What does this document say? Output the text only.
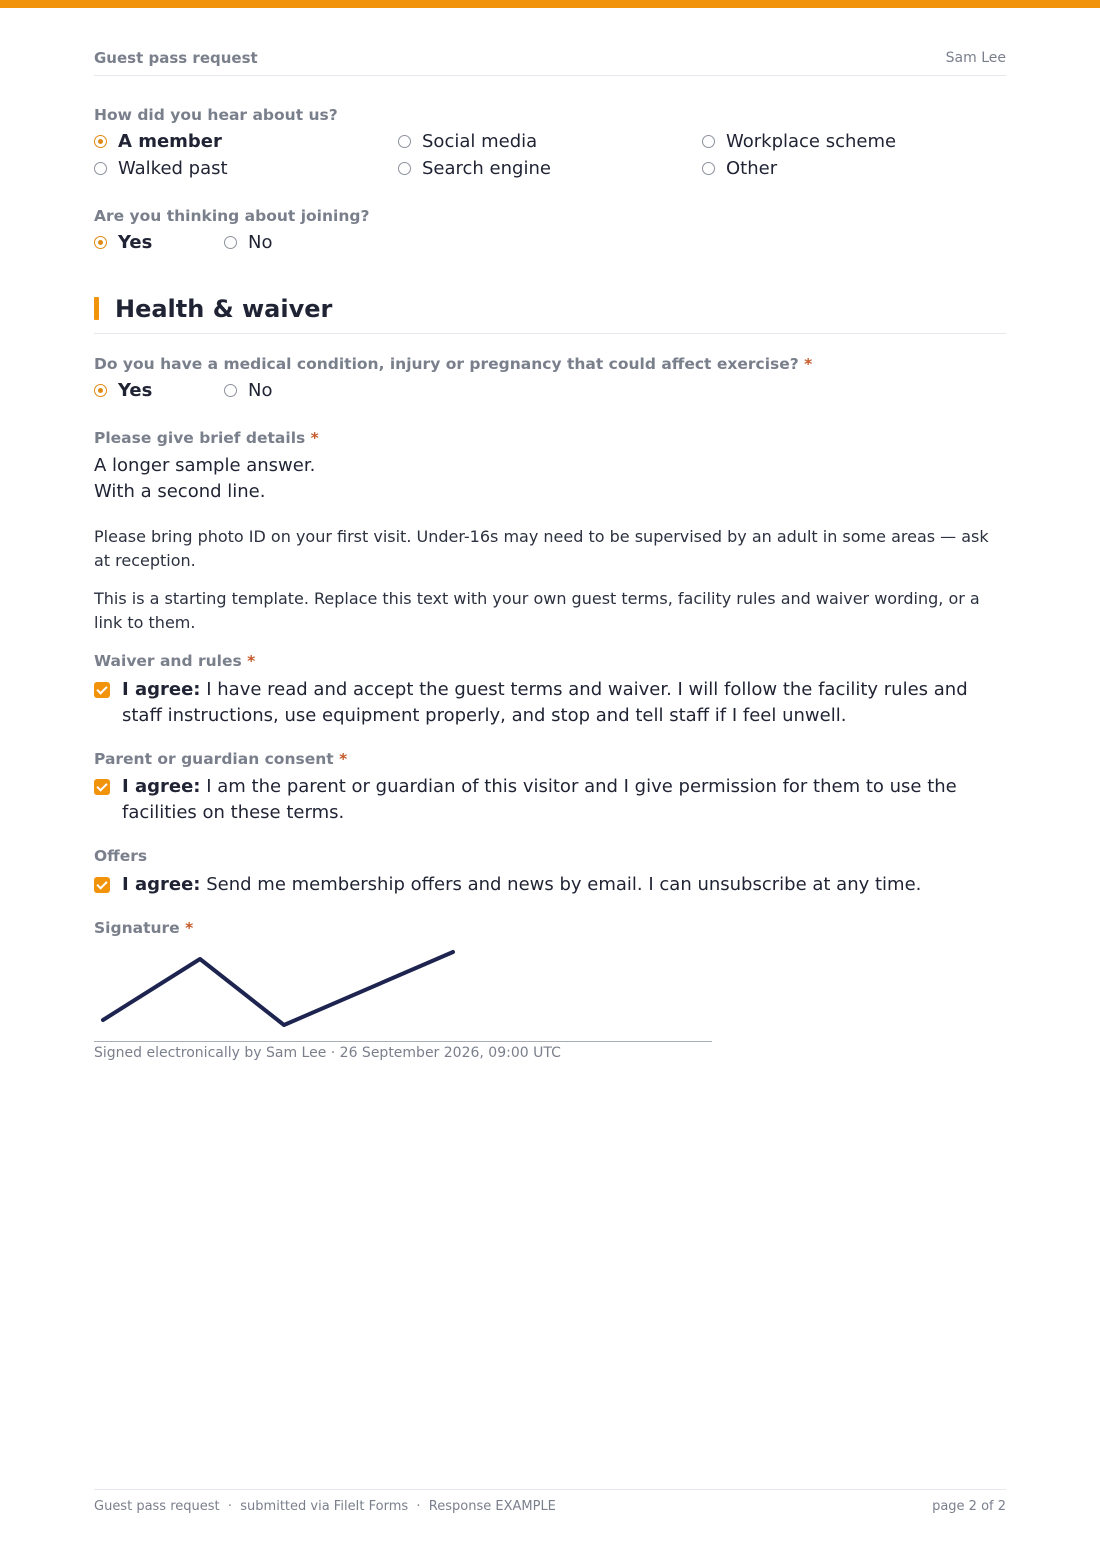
Guest pass request	Sam Lee
How did you hear about us?
A member	Social media	Workplace scheme
Walked past	Search engine	Other
Are you thinking about joining?
Yes	No
Health & waiver
Do you have a medical condition, injury or pregnancy that could affect exercise? *
Yes	No
Please give brief details *
A longer sample answer.
With a second line.
Please bring photo ID on your first visit. Under-16s may need to be supervised by an adult in some areas — ask at reception.
This is a starting template. Replace this text with your own guest terms, facility rules and waiver wording, or a link to them.
Waiver and rules *
I agree: I have read and accept the guest terms and waiver. I will follow the facility rules and staff instructions, use equipment properly, and stop and tell staff if I feel unwell.
Parent or guardian consent *
I agree: I am the parent or guardian of this visitor and I give permission for them to use the facilities on these terms.
Offers
I agree: Send me membership offers and news by email. I can unsubscribe at any time.
Signature *
Signed electronically by Sam Lee · 26 September 2026, 09:00 UTC
Guest pass request  ·  submitted via FileIt Forms  ·  Response EXAMPLE	page 2 of 2
